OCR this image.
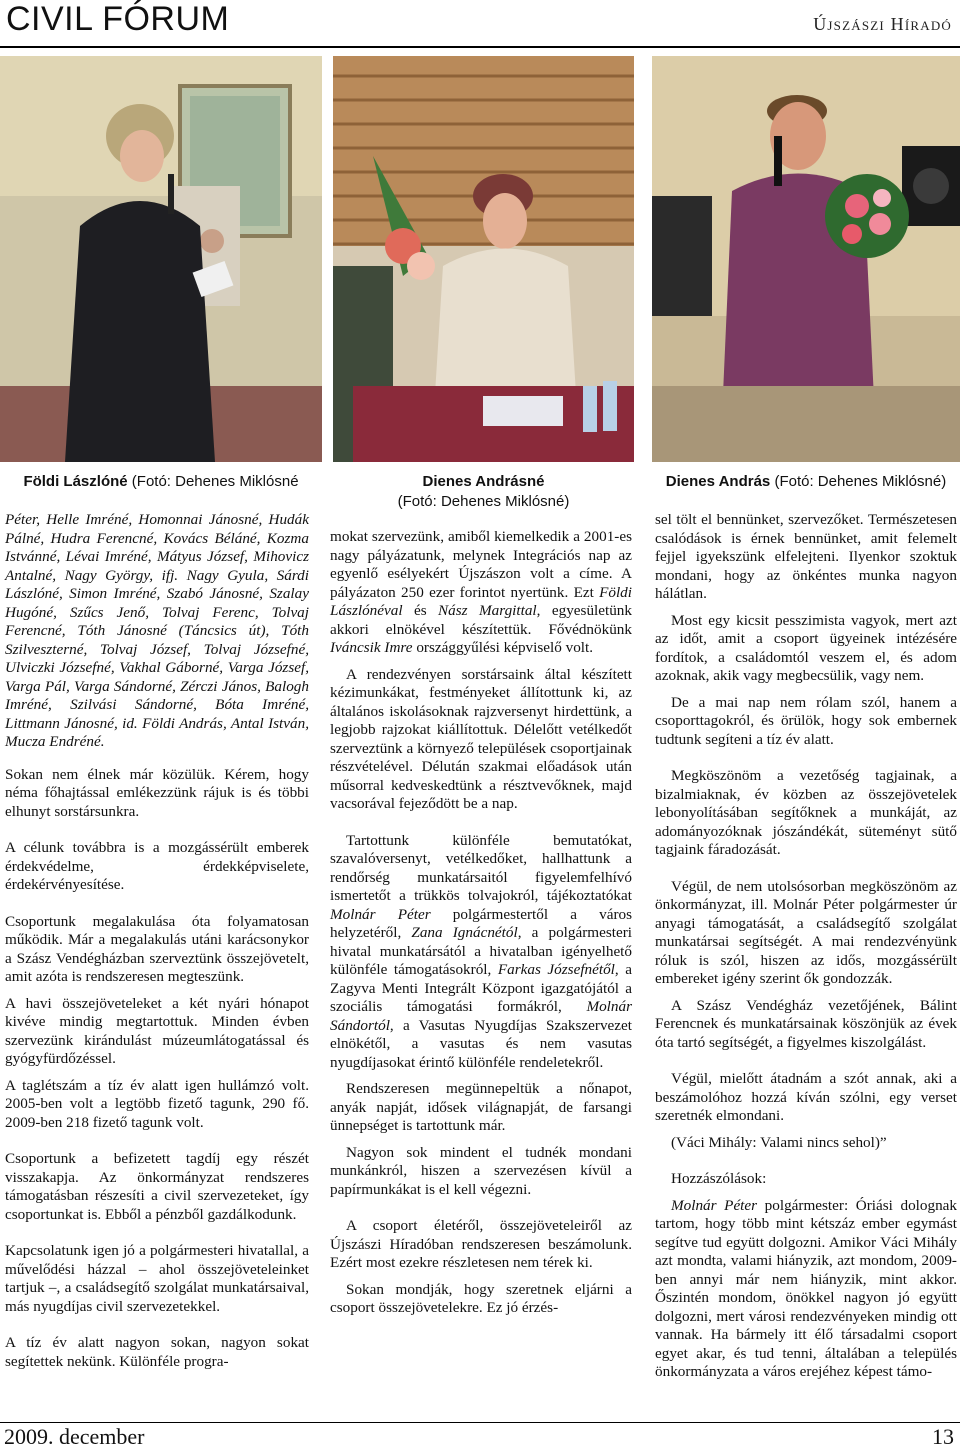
CIVIL FÓRUM	Újszászi Híradó
Földi Lászlóné (Fotó: Dehenes Miklósné	Dienes Andrásné
(Fotó: Dehenes Miklósné)
Dienes András (Fotó: Dehenes Miklósné)

Péter, Helle Imréné, Homonnai Jánosné, Hudák Pálné, Hudra Ferencné, Kovács Béláné, Kozma Istvánné, Lévai Imréné, Mátyus József, Mihovicz Antalné, Nagy György, ifj. Nagy Gyula, Sárdi Lászlóné, Simon Imréné, Szabó Jánosné, Szalay Hugóné, Szűcs Jenő, Tolvaj Ferenc, Tolvaj Ferencné, Tóth Jánosné (Táncsics út), Tóth Szilveszterné, Tolvaj József, Tolvaj Józsefné, Ulviczki Józsefné, Vakhal Gáborné, Varga József, Varga Pál, Varga Sándorné, Zérczi János, Balogh Imréné, Szilvási Sándorné, Bóta Imréné, Littmann Jánosné, id. Földi András, Antal István, Mucza Endréné.

Sokan nem élnek már közülük. Kérem, hogy néma főhajtással emlékezzünk rájuk is és többi elhunyt sorstársunkra.

A célunk továbbra is a mozgássérült emberek érdekvédelme, érdekképviselete, érdekérvényesítése.

Csoportunk megalakulása óta folyamatosan működik. Már a megalakulás utáni karácsonykor a Szász Vendégházban szerveztünk összejövetelt, amit azóta is rendszeresen megteszünk.

A havi összejöveteleket a két nyári hónapot kivéve mindig megtartottuk. Minden évben szervezünk kirándulást múzeumlátogatással és gyógyfürdőzéssel.

A taglétszám a tíz év alatt igen hullámzó volt. 2005-ben volt a legtöbb fizető tagunk, 290 fő. 2009-ben 218 fizető tagunk volt.

Csoportunk a befizetett tagdíj egy részét visszakapja. Az önkormányzat rendszeres támogatásban részesíti a civil szervezeteket, így csoportunkat is. Ebből a pénzből gazdálkodunk.

Kapcsolatunk igen jó a polgármesteri hivatallal, a művelődési házzal – ahol összejöveteleinket tartjuk –, a családsegítő szolgálat munkatársaival, más nyugdíjas civil szervezetekkel.

A tíz év alatt nagyon sokan, nagyon sokat segítettek nekünk. Különféle progra-

mokat szervezünk, amiből kiemelkedik a 2001-es nagy pályázatunk, melynek Integrációs nap az egyenlő esélyekért Újszászon volt a címe. A pályázaton 250 ezer forintot nyertünk. Ezt Földi Lászlónéval és Nász Margittal, egyesületünk akkori elnökével készítettük. Fővédnökünk Iváncsik Imre országgyűlési képviselő volt.

A rendezvényen sorstársaink által készített kézimunkákat, festményeket állítottunk ki, az általános iskolásoknak rajzversenyt hirdettünk, a legjobb rajzokat kiállítottuk. Délelőtt vetélkedőt szerveztünk a környező települések csoportjainak részvételével. Délután szakmai előadások után műsorral kedveskedtünk a résztvevőknek, majd vacsorával fejeződött be a nap.

Tartottunk különféle bemutatókat, szavalóversenyt, vetélkedőket, hallhattunk a rendőrség munkatársaitól figyelemfelhívó ismertetőt a trükkös tolvajokról, tájékoztatókat Molnár Péter polgármestertől a város helyzetéről, Zana Ignácnétól, a polgármesteri hivatal munkatársától a hivatalban igényelhető különféle támogatásokról, Farkas Józsefnétől, a Zagyva Menti Integrált Központ igazgatójától a szociális támogatási formákról, Molnár Sándortól, a Vasutas Nyugdíjas Szakszervezet elnökétől, a vasutas és nem vasutas nyugdíjasokat érintő különféle rendeletekről.

Rendszeresen megünnepeltük a nőnapot, anyák napját, idősek világnapját, de farsangi ünnepséget is tartottunk már.

Nagyon sok mindent el tudnék mondani munkánkról, hiszen a szervezésen kívül a papírmunkákat is el kell végezni.

A csoport életéről, összejöveteleiről az Újszászi Híradóban rendszeresen beszámolunk. Ezért most ezekre részletesen nem térek ki.

Sokan mondják, hogy szeretnek eljárni a csoport összejövetelekre. Ez jó érzés-

sel tölt el bennünket, szervezőket. Természetesen csalódások is érnek bennünket, amit felemelt fejjel igyekszünk elfelejteni. Ilyenkor szoktuk mondani, hogy az önkéntes munka nagyon hálátlan.

Most egy kicsit pesszimista vagyok, mert azt az időt, amit a csoport ügyeinek intézésére fordítok, a családomtól veszem el, és adom azoknak, akik vagy megbecsülik, vagy nem.

De a mai nap nem rólam szól, hanem a csoporttagokról, és örülök, hogy sok embernek tudtunk segíteni a tíz év alatt.

Megköszönöm a vezetőség tagjainak, a bizalmiaknak, év közben az összejövetelek lebonyolításában segítőknek a munkáját, az adományozóknak jószándékát, süteményt sütő tagjaink fáradozását.

Végül, de nem utolsósorban megköszönöm az önkormányzat, ill. Molnár Péter polgármester úr anyagi támogatását, a családsegítő szolgálat munkatársai segítségét. A mai rendezvényünk róluk is szól, hiszen az idős, mozgássérült embereket igény szerint ők gondozzák.

A Szász Vendégház vezetőjének, Bálint Ferencnek és munkatársainak köszönjük az évek óta tartó segítségét, a figyelmes kiszolgálást.

Végül, mielőtt átadnám a szót annak, aki a beszámolóhoz hozzá kíván szólni, egy verset szeretnék elmondani.

(Váci Mihály: Valami nincs sehol)”

Hozzászólások:

Molnár Péter polgármester: Óriási dolognak tartom, hogy több mint kétszáz ember egymást segítve tud együtt dolgozni. Amikor Váci Mihály azt mondta, valami hiányzik, azt mondom, 2009-ben annyi már nem hiányzik, mint akkor. Őszintén mondom, önökkel nagyon jó együtt dolgozni, mert városi rendezvényeken mindig ott vannak. Ha bármely itt élő társadalmi csoport egyet akar, és tud tenni, általában a település önkormányzata a város erejéhez képest támo-

2009. december	13
